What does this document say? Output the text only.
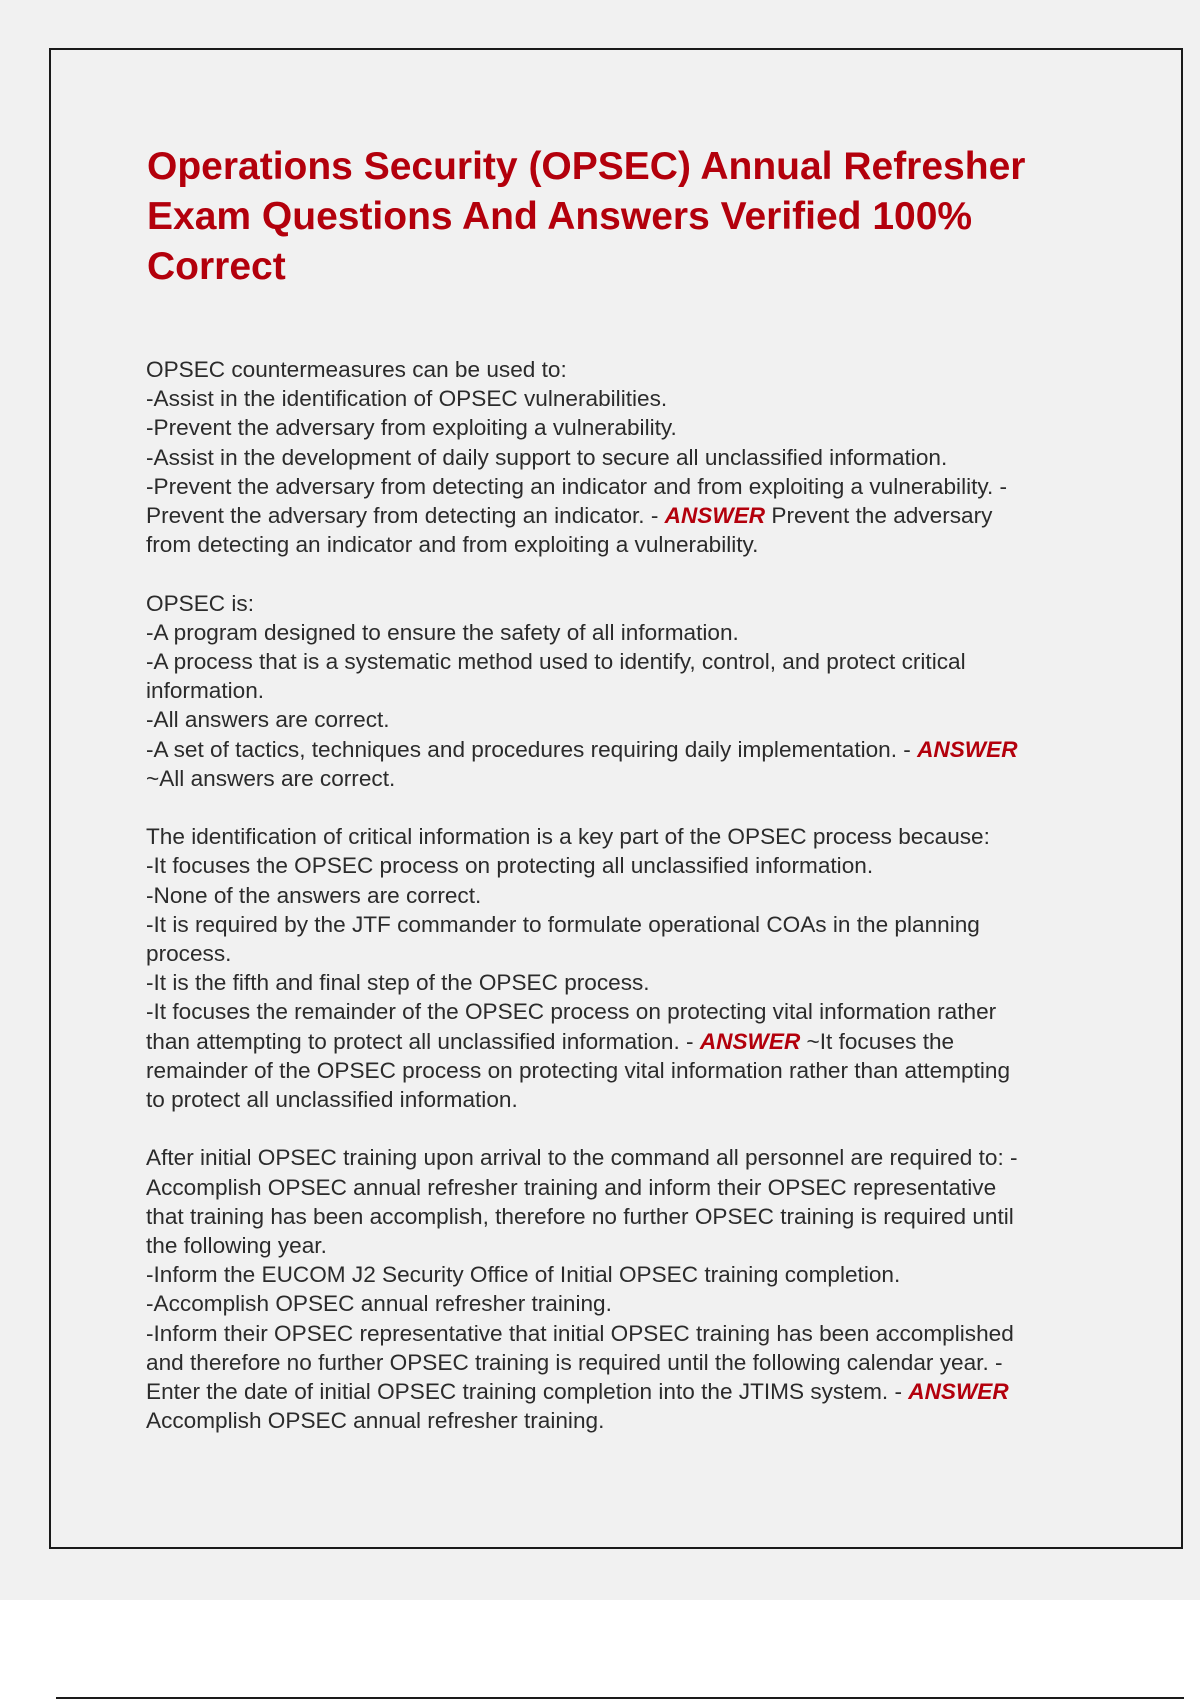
Operations Security (OPSEC) Annual Refresher
Exam Questions And Answers Verified 100%
Correct
OPSEC countermeasures can be used to:
-Assist in the identification of OPSEC vulnerabilities.
-Prevent the adversary from exploiting a vulnerability.
-Assist in the development of daily support to secure all unclassified information.
-Prevent the adversary from detecting an indicator and from exploiting a vulnerability. -
Prevent the adversary from detecting an indicator. - ANSWER Prevent the adversary
from detecting an indicator and from exploiting a vulnerability.
OPSEC is:
-A program designed to ensure the safety of all information.
-A process that is a systematic method used to identify, control, and protect critical
information.
-All answers are correct.
-A set of tactics, techniques and procedures requiring daily implementation. - ANSWER
~All answers are correct.
The identification of critical information is a key part of the OPSEC process because:
-It focuses the OPSEC process on protecting all unclassified information.
-None of the answers are correct.
-It is required by the JTF commander to formulate operational COAs in the planning
process.
-It is the fifth and final step of the OPSEC process.
-It focuses the remainder of the OPSEC process on protecting vital information rather
than attempting to protect all unclassified information. - ANSWER ~It focuses the
remainder of the OPSEC process on protecting vital information rather than attempting
to protect all unclassified information.
After initial OPSEC training upon arrival to the command all personnel are required to: -
Accomplish OPSEC annual refresher training and inform their OPSEC representative
that training has been accomplish, therefore no further OPSEC training is required until
the following year.
-Inform the EUCOM J2 Security Office of Initial OPSEC training completion.
-Accomplish OPSEC annual refresher training.
-Inform their OPSEC representative that initial OPSEC training has been accomplished
and therefore no further OPSEC training is required until the following calendar year. -
Enter the date of initial OPSEC training completion into the JTIMS system. - ANSWER
Accomplish OPSEC annual refresher training.
